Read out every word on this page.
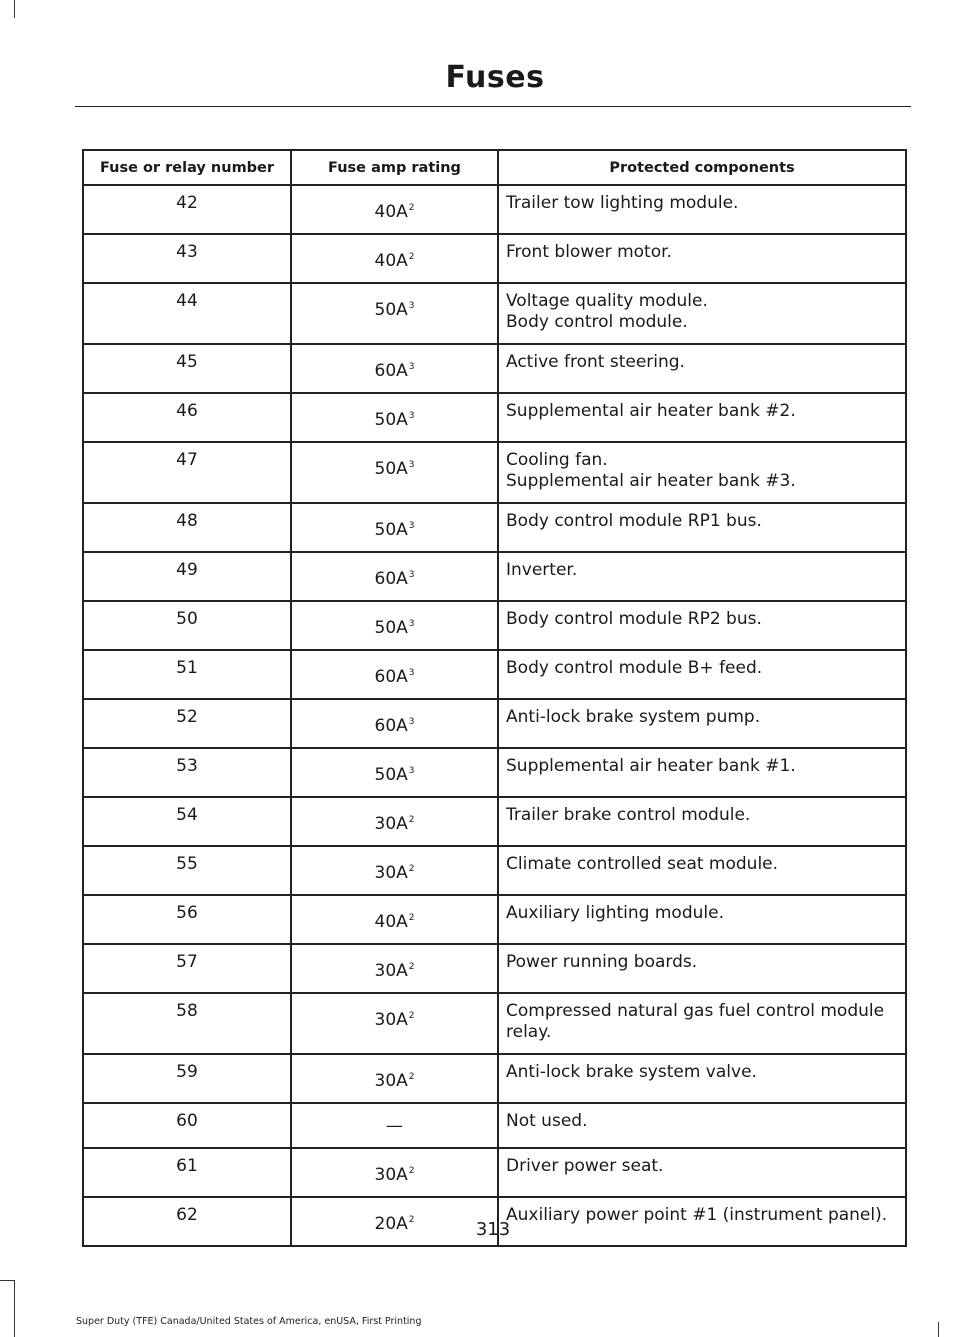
Fuses
Fuse or relay number	Fuse amp rating	Protected components
42	$40A^2$	Trailer tow lighting module.

43	$40A^2$	Front blower motor.

44	$50A^3$	Voltage quality module.
Body control module.

45	$60A^3$	Active front steering.

46	$50A^3$	Supplemental air heater bank #2.

47	$50A^3$	Cooling fan.
Supplemental air heater bank #3.

48	$50A^3$	Body control module RP1 bus.

49	$60A^3$	Inverter.

50	$50A^3$	Body control module RP2 bus.

51	$60A^3$	Body control module B+ feed.

52	$60A^3$	Anti-lock brake system pump.

53	$50A^3$	Supplemental air heater bank #1.

54	$30A^2$	Trailer brake control module.

55	$30A^2$	Climate controlled seat module.

56	$40A^2$	Auxiliary lighting module.

57	$30A^2$	Power running boards.

58	$30A^2$	Compressed natural gas fuel control module relay.

59	$30A^2$	Anti-lock brake system valve.

60	—	Not used.

61	$30A^2$	Driver power seat.

62	$20A^2$	Auxiliary power point #1 (instrument panel).
313
Super Duty (TFE) Canada/United States of America, enUSA, First Printing
